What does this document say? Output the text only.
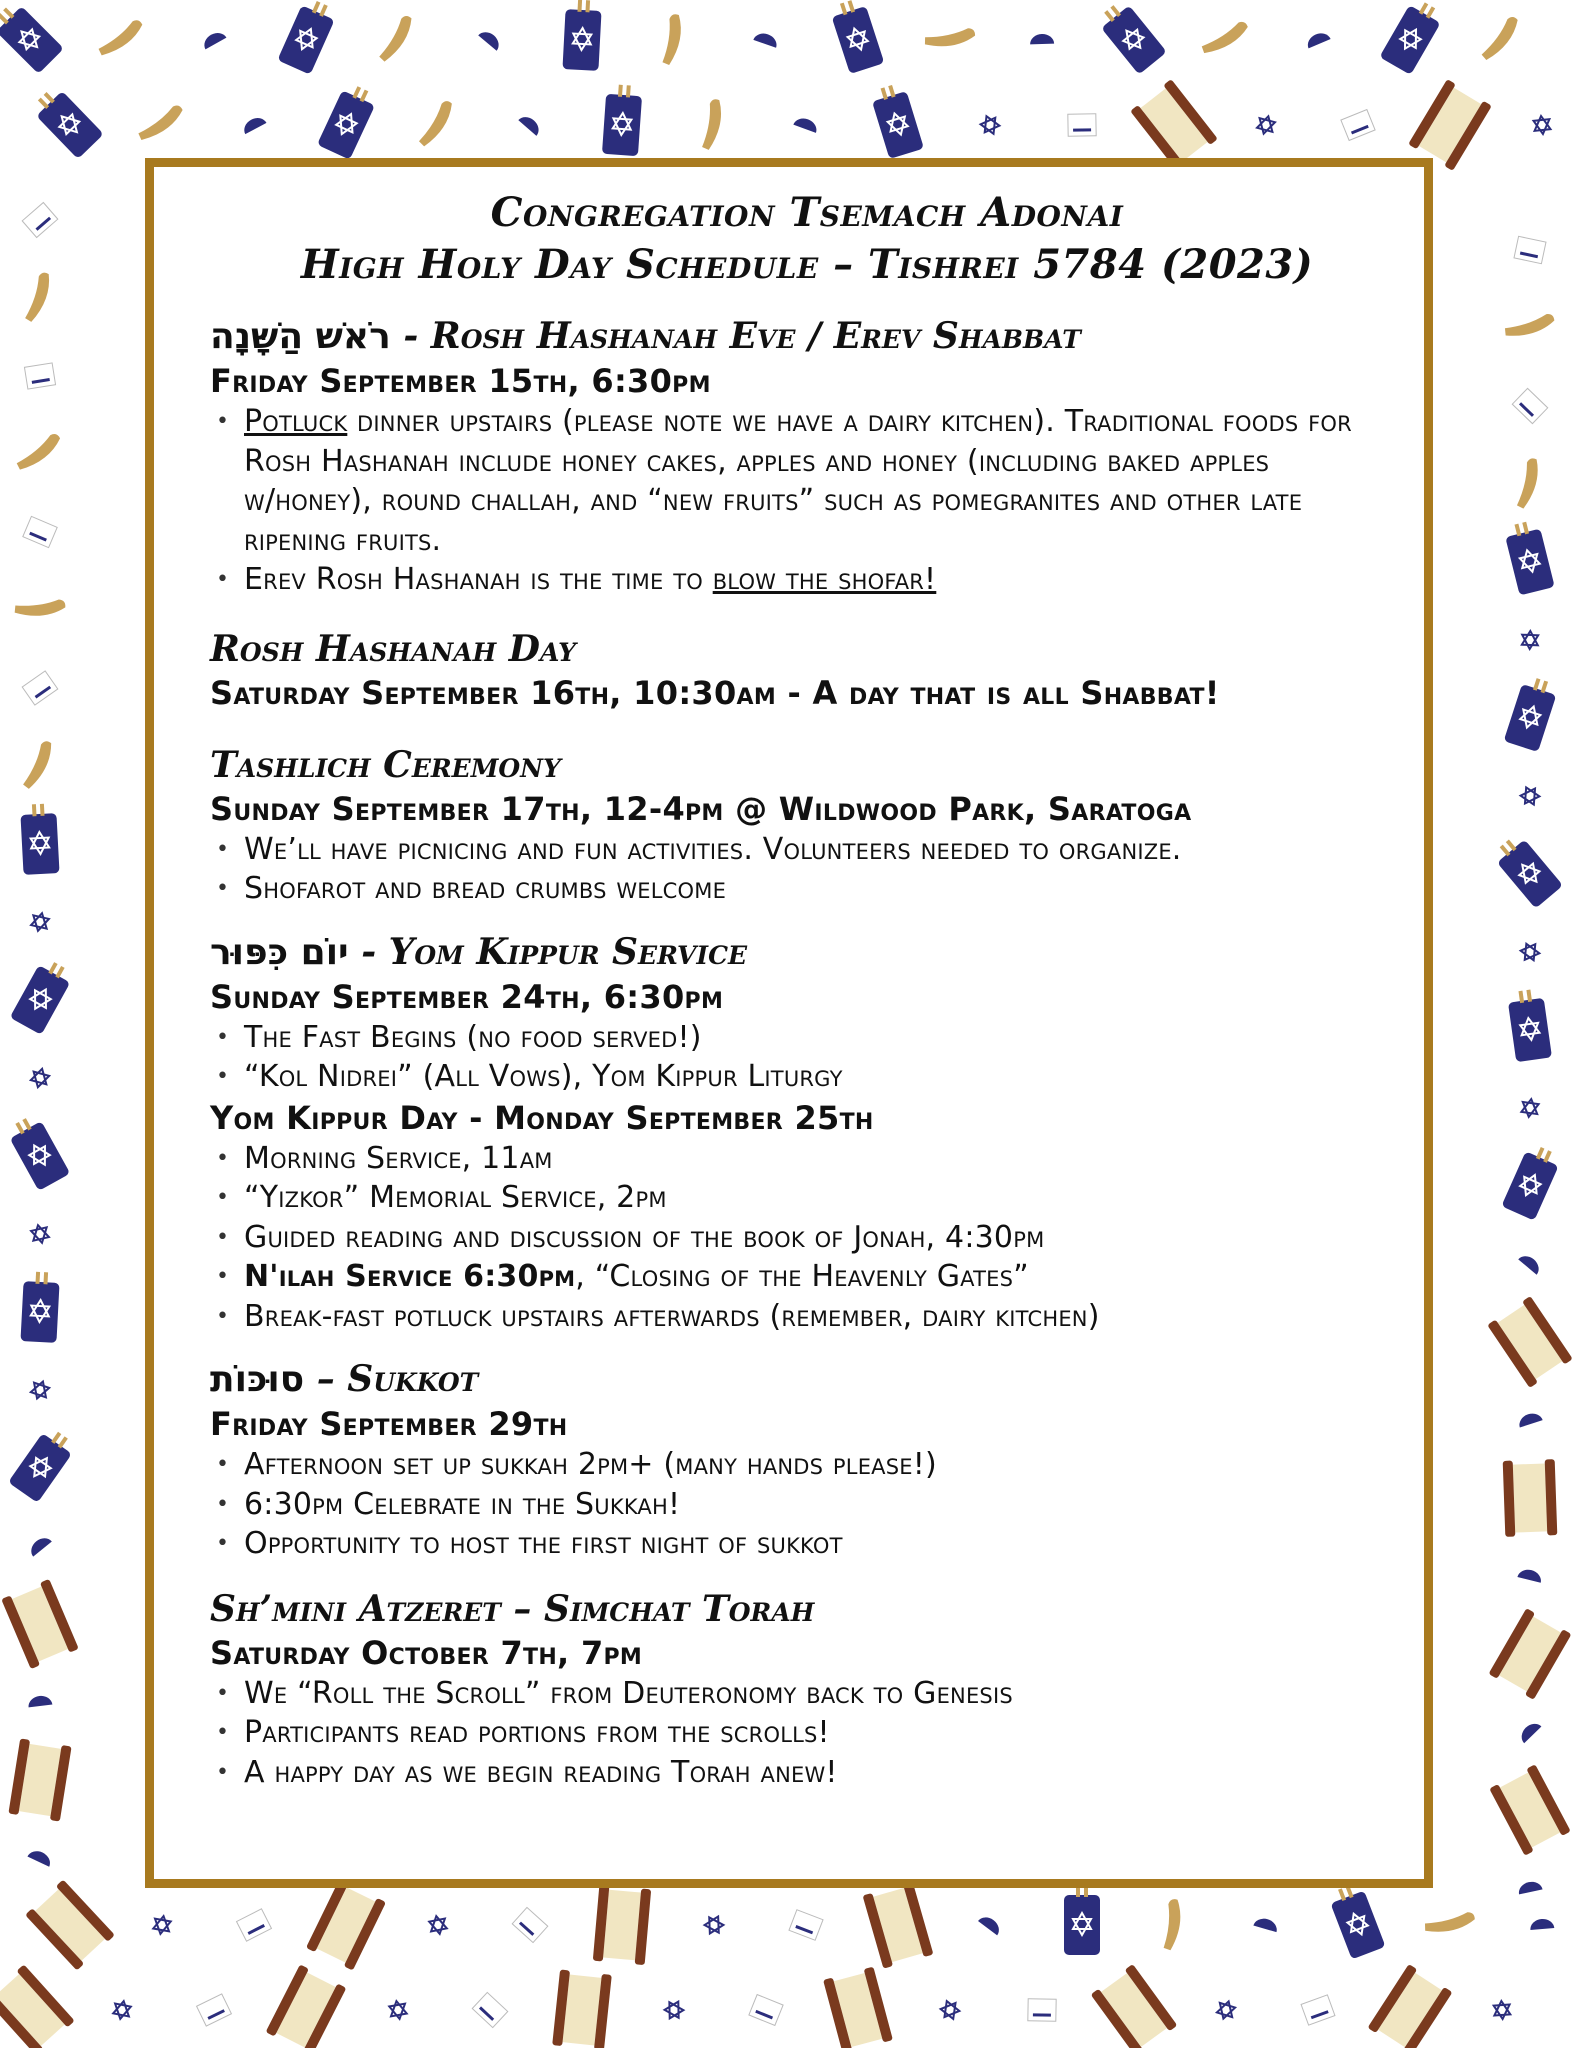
Congregation Tsemach Adonai
High Holy Day Schedule – Tishrei 5784 (2023)
רֹאשׁ הַשָּׁנָה - Rosh Hashanah Eve / Erev Shabbat
Friday September 15th, 6:30pm
• Potluck dinner upstairs (please note we have a dairy kitchen). Traditional foods for Rosh Hashanah include honey cakes, apples and honey (including baked apples w/honey), round challah, and “new fruits” such as pomegranites and other late ripening fruits.
• Erev Rosh Hashanah is the time to blow the shofar!
Rosh Hashanah Day
Saturday September 16th, 10:30am - A day that is all Shabbat!
Tashlich Ceremony
Sunday September 17th, 12-4pm @ Wildwood Park, Saratoga
• We’ll have picnicing and fun activities. Volunteers needed to organize.
• Shofarot and bread crumbs welcome
יוֹם כִּפּוּר - Yom Kippur Service
Sunday September 24th, 6:30pm
• The Fast Begins (no food served!)
• “Kol Nidrei” (All Vows), Yom Kippur Liturgy
Yom Kippur Day - Monday September 25th
• Morning Service, 11am
• “Yizkor” Memorial Service, 2pm
• Guided reading and discussion of the book of Jonah, 4:30pm
• N'ilah Service 6:30pm, “Closing of the Heavenly Gates”
• Break-fast potluck upstairs afterwards (remember, dairy kitchen)
סוּכּוֹת – Sukkot
Friday September 29th
• Afternoon set up sukkah 2pm+ (many hands please!)
• 6:30pm Celebrate in the Sukkah!
• Opportunity to host the first night of sukkot
Sh’mini Atzeret – Simchat Torah
Saturday October 7th, 7pm
• We “Roll the Scroll” from Deuteronomy back to Genesis
• Participants read portions from the scrolls!
• A happy day as we begin reading Torah anew!
